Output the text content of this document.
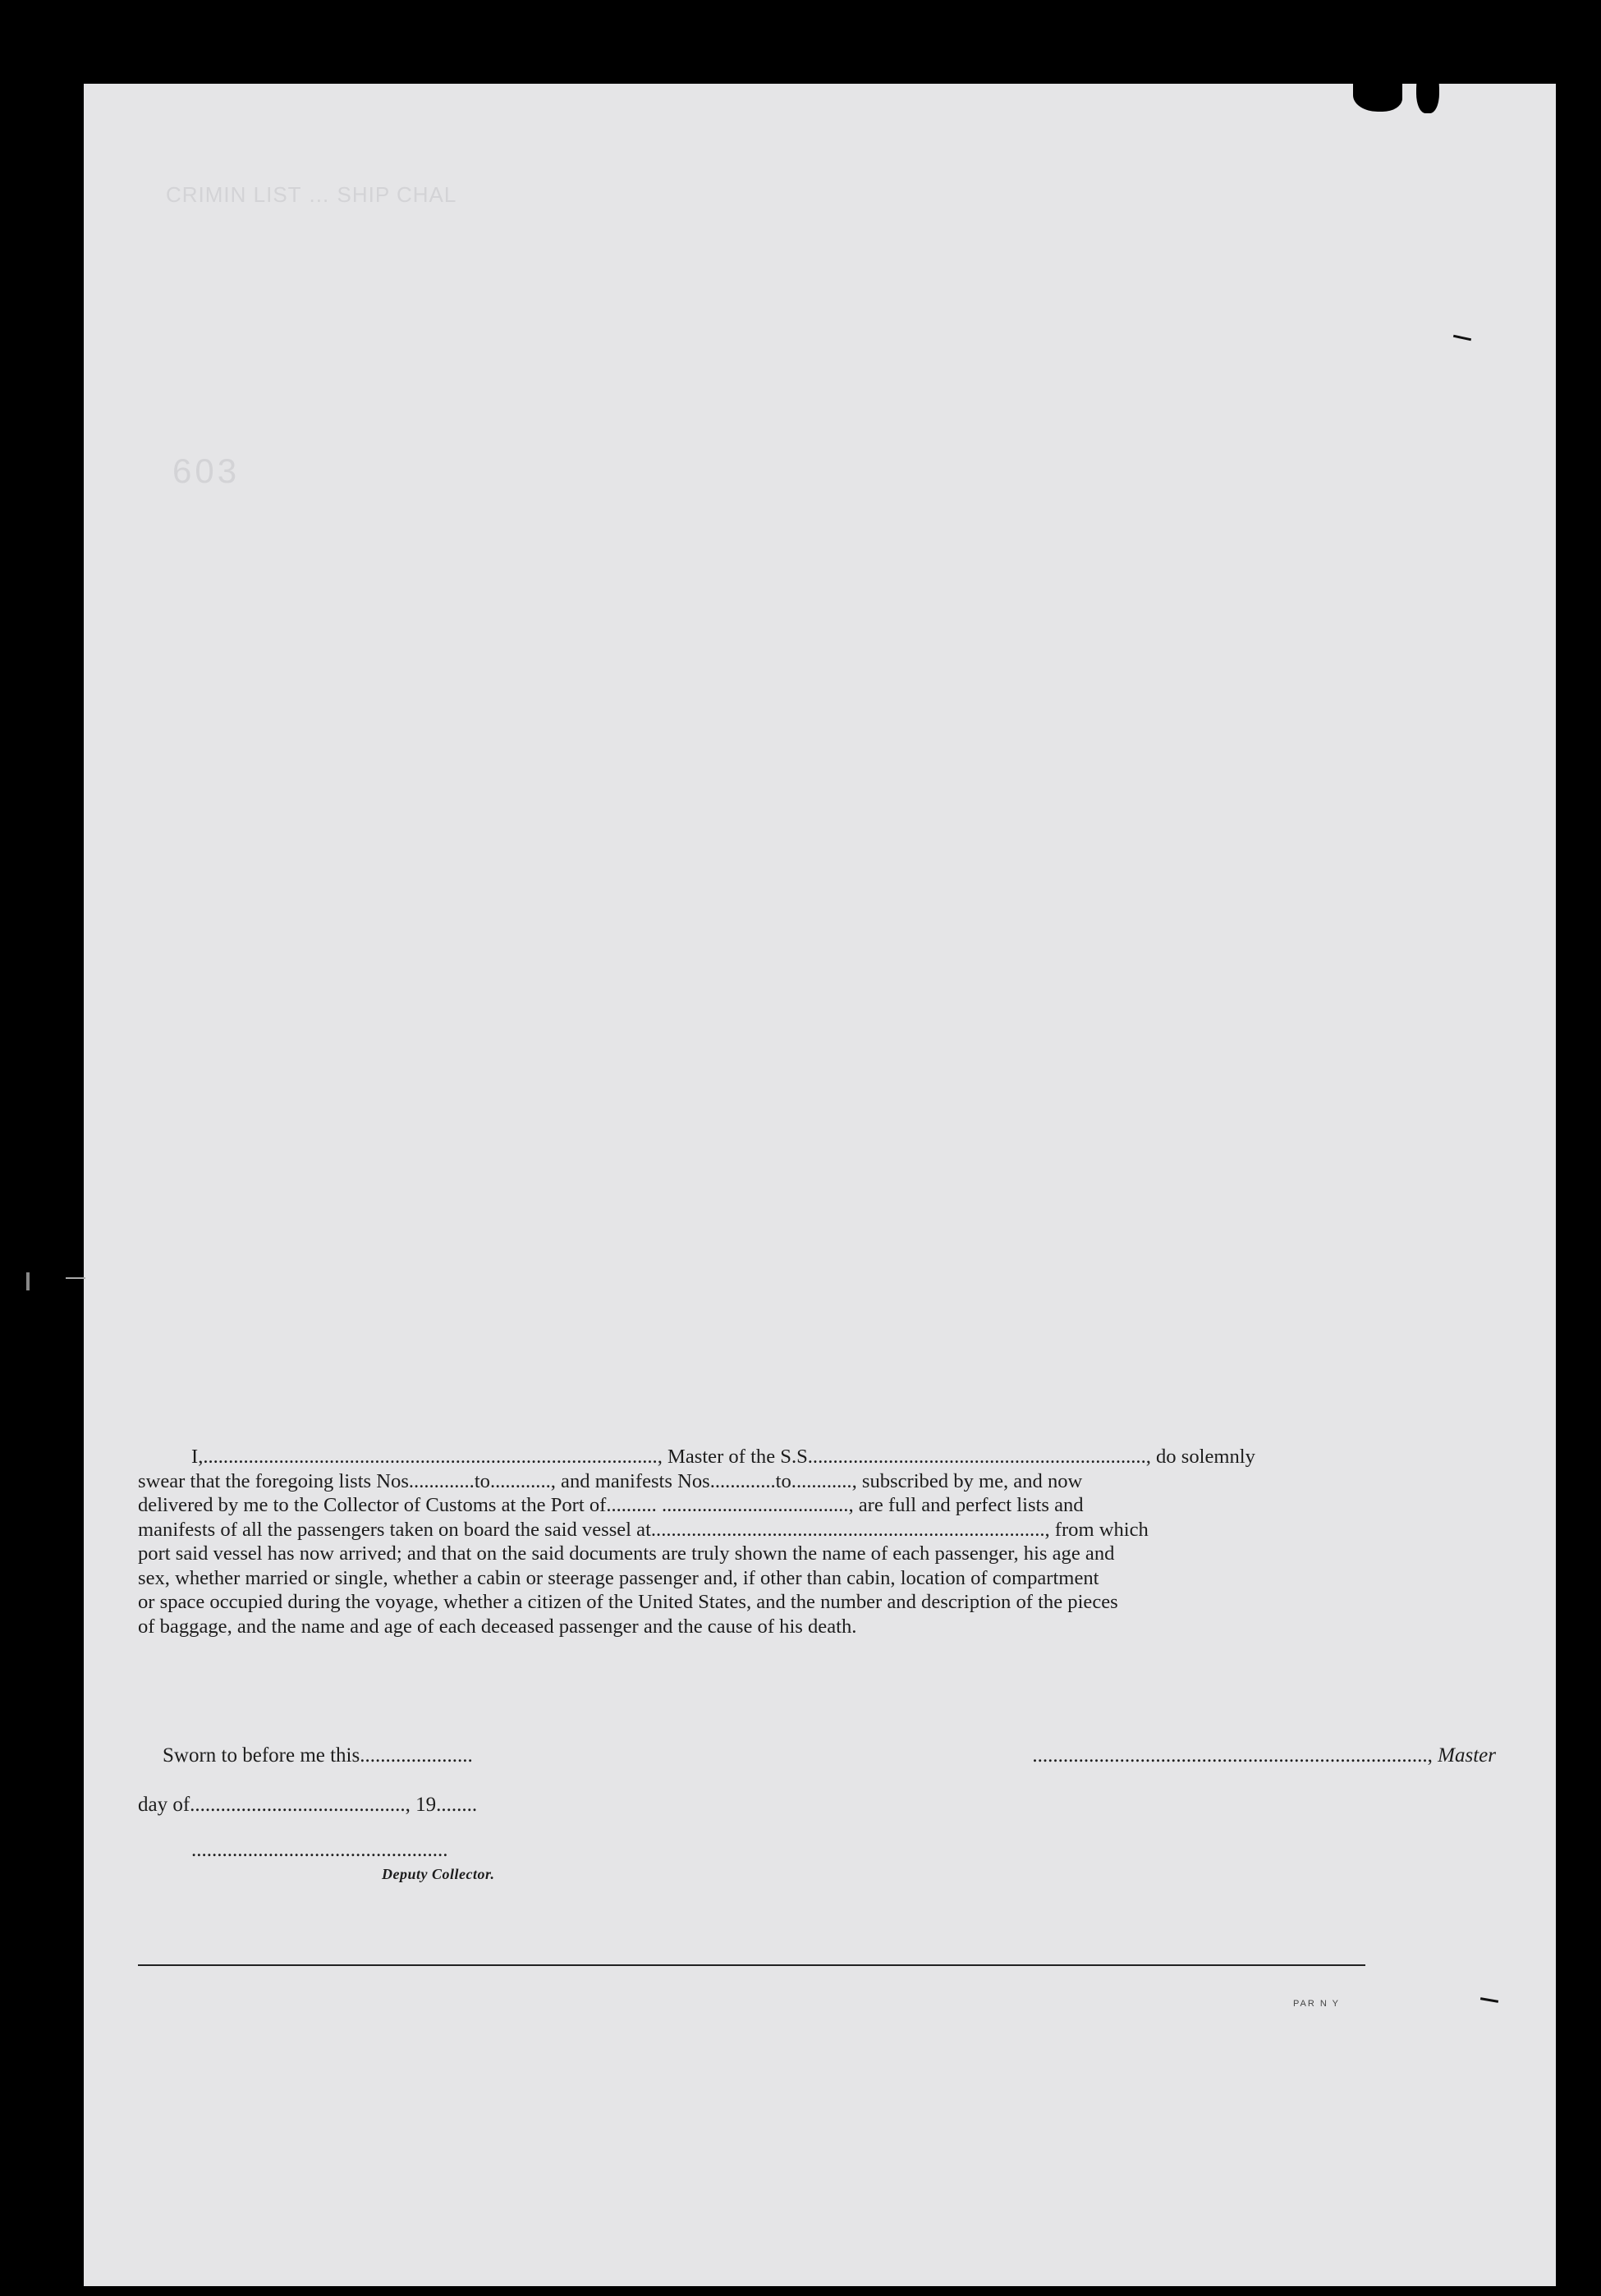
CRIMIN LIST … SHIP CHAL
603
I,.........................................................................................., Master of the S.S..................................................................., do solemnly
swear that the foregoing lists Nos.............to............, and manifests Nos.............to............, subscribed by me, and now
delivered by me to the Collector of Customs at the Port of.......... ....................................., are full and perfect lists and
manifests of all the passengers taken on board the said vessel at.............................................................................., from which
port said vessel has now arrived; and that on the said documents are truly shown the name of each passenger, his age and
sex, whether married or single, whether a cabin or steerage passenger and, if other than cabin, location of compartment
or space occupied during the voyage, whether a citizen of the United States, and the number and description of the pieces
of baggage, and the name and age of each deceased passenger and the cause of his death.
Sworn to before me this......................	............................................................................., Master
day of.........................................., 19........
..................................................
Deputy Collector.
PAR N Y
